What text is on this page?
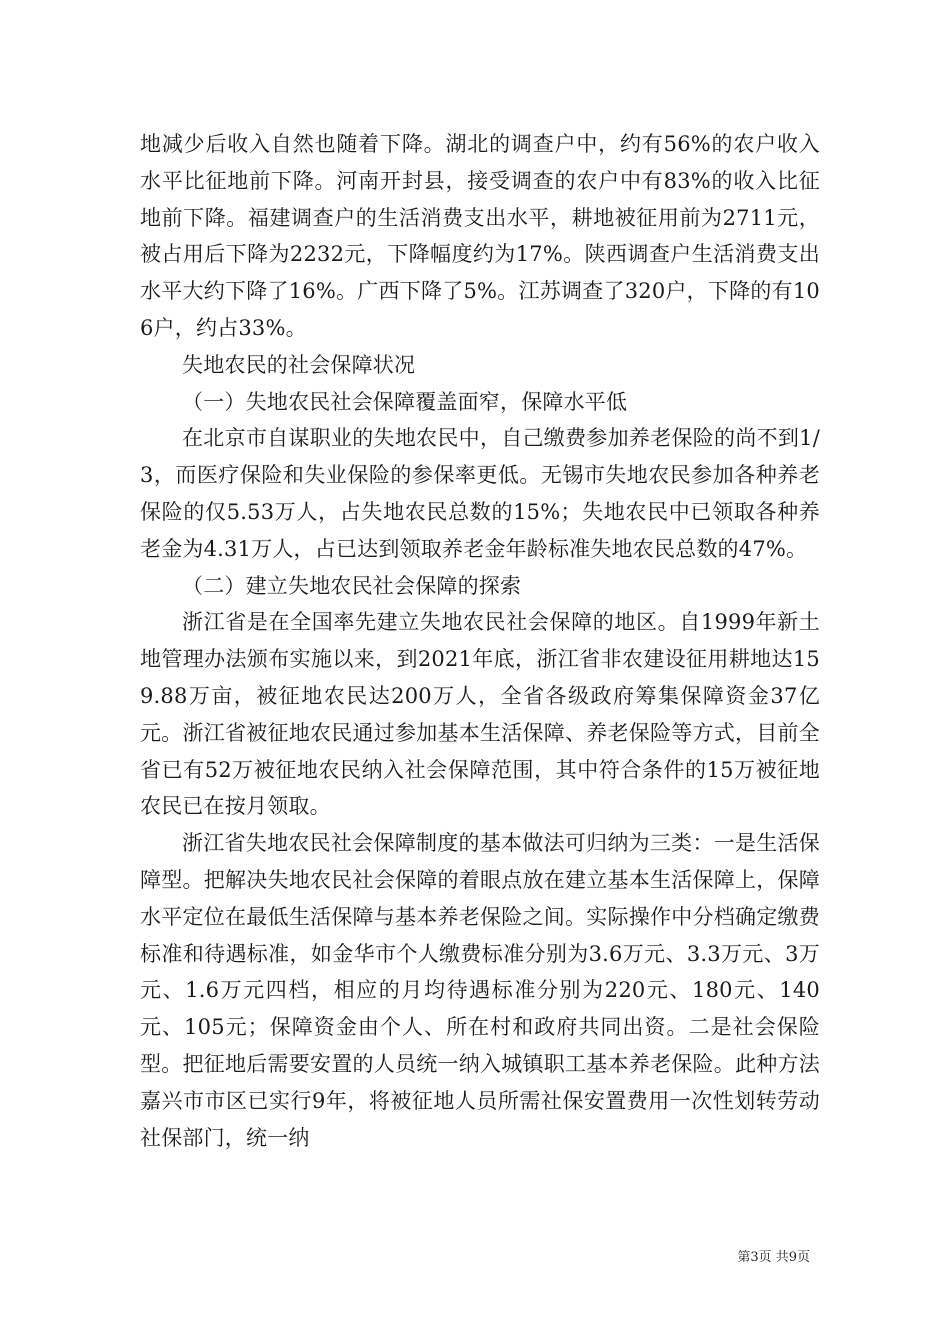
地减少后收入自然也随着下降。湖北的调查户中，约有56%的农户收入水平比征地前下降。河南开封县，接受调查的农户中有83%的收入比征地前下降。福建调查户的生活消费支出水平，耕地被征用前为2711元，被占用后下降为2232元，下降幅度约为17%。陕西调查户生活消费支出水平大约下降了16%。广西下降了5%。江苏调查了320户，下降的有106户，约占33%。

失地农民的社会保障状况

（一）失地农民社会保障覆盖面窄，保障水平低

在北京市自谋职业的失地农民中，自己缴费参加养老保险的尚不到1/3，而医疗保险和失业保险的参保率更低。无锡市失地农民参加各种养老保险的仅5.53万人，占失地农民总数的15%；失地农民中已领取各种养老金为4.31万人，占已达到领取养老金年龄标准失地农民总数的47%。

（二）建立失地农民社会保障的探索

浙江省是在全国率先建立失地农民社会保障的地区。自1999年新土地管理办法颁布实施以来，到2021年底，浙江省非农建设征用耕地达159.88万亩，被征地农民达200万人，全省各级政府筹集保障资金37亿元。浙江省被征地农民通过参加基本生活保障、养老保险等方式，目前全省已有52万被征地农民纳入社会保障范围，其中符合条件的15万被征地农民已在按月领取。

浙江省失地农民社会保障制度的基本做法可归纳为三类：一是生活保障型。把解决失地农民社会保障的着眼点放在建立基本生活保障上，保障水平定位在最低生活保障与基本养老保险之间。实际操作中分档确定缴费标准和待遇标准，如金华市个人缴费标准分别为3.6万元、3.3万元、3万元、1.6万元四档，相应的月均待遇标准分别为220元、180元、140元、105元；保障资金由个人、所在村和政府共同出资。二是社会保险型。把征地后需要安置的人员统一纳入城镇职工基本养老保险。此种方法嘉兴市市区已实行9年，将被征地人员所需社保安置费用一次性划转劳动社保部门，统一纳

第3页 共9页
